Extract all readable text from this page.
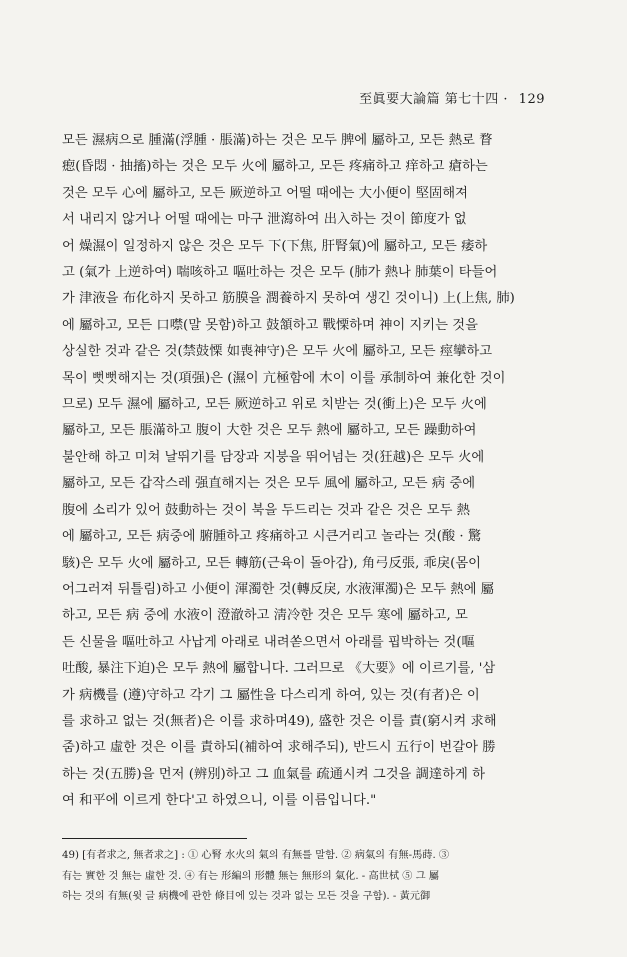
至眞要大論篇 第七十四 · 129
모든 濕病으로 腫滿(浮腫 · 脹滿)하는 것은 모두 脾에 屬하고, 모든 熱로 瞀
瘛(昏悶 · 抽搐)하는 것은 모두 火에 屬하고, 모든 疼痛하고 痒하고 瘡하는
것은 모두 心에 屬하고, 모든 厥逆하고 어떨 때에는 大小便이 堅固해져
서 내리지 않거나 어떨 때에는 마구 泄瀉하여 出入하는 것이 節度가 없
어 燥濕이 일정하지 않은 것은 모두 下(下焦, 肝腎氣)에 屬하고, 모든 痿하
고 (氣가 上逆하여) 喘咳하고 嘔吐하는 것은 모두 (肺가 熱나 肺葉이 타들어
가 津液을 布化하지 못하고 筋膜을 潤養하지 못하여 생긴 것이니) 上(上焦, 肺)
에 屬하고, 모든 口噤(말 못함)하고 鼓頷하고 戰慄하며 神이 지키는 것을
상실한 것과 같은 것(禁鼓慄 如喪神守)은 모두 火에 屬하고, 모든 痙攣하고
목이 뻣뻣해지는 것(項强)은 (濕이 亢極함에 木이 이를 承制하여 兼化한 것이
므로) 모두 濕에 屬하고, 모든 厥逆하고 위로 치받는 것(衝上)은 모두 火에
屬하고, 모든 脹滿하고 腹이 大한 것은 모두 熱에 屬하고, 모든 躁動하여
불안해 하고 미쳐 날뛰기를 담장과 지붕을 뛰어넘는 것(狂越)은 모두 火에
屬하고, 모든 갑작스레 强直해지는 것은 모두 風에 屬하고, 모든 病 중에
腹에 소리가 있어 鼓動하는 것이 북을 두드리는 것과 같은 것은 모두 熱
에 屬하고, 모든 病중에 腑腫하고 疼痛하고 시큰거리고 놀라는 것(酸 · 驚
駭)은 모두 火에 屬하고, 모든 轉筋(근육이 돌아감), 角弓反張, 乖戾(몸이
어그러져 뒤틀림)하고 小便이 渾濁한 것(轉反戾, 水液渾濁)은 모두 熱에 屬
하고, 모든 病 중에 水液이 澄澈하고 淸冷한 것은 모두 寒에 屬하고, 모
든 신물을 嘔吐하고 사납게 아래로 내려쏟으면서 아래를 핍박하는 것(嘔
吐酸, 暴注下迫)은 모두 熱에 屬합니다. 그러므로 《大要》에 이르기를, '삼
가 病機를 (遵)守하고 각기 그 屬性을 다스리게 하여, 있는 것(有者)은 이
를 求하고 없는 것(無者)은 이를 求하며49), 盛한 것은 이를 責(窮시켜 求해
줌)하고 虛한 것은 이를 責하되(補하여 求해주되), 반드시 五行이 번갈아 勝
하는 것(五勝)을 먼저 (辨別)하고 그 血氣를 疏通시켜 그것을 調達하게 하
여 和平에 이르게 한다'고 하였으니, 이를 이름입니다."
49) [有者求之, 無者求之] : ① 心腎 水火의 氣의 有無를 말함. ② 病氣의 有無-馬蒔. ③
有는 實한 것 無는 虛한 것. ④ 有는 形編의 形體 無는 無形의 氣化. - 高世栻 ⑤ 그 屬
하는 것의 有無(윗 글 病機에 관한 條目에 있는 것과 없는 모든 것을 구함). - 黃元御
